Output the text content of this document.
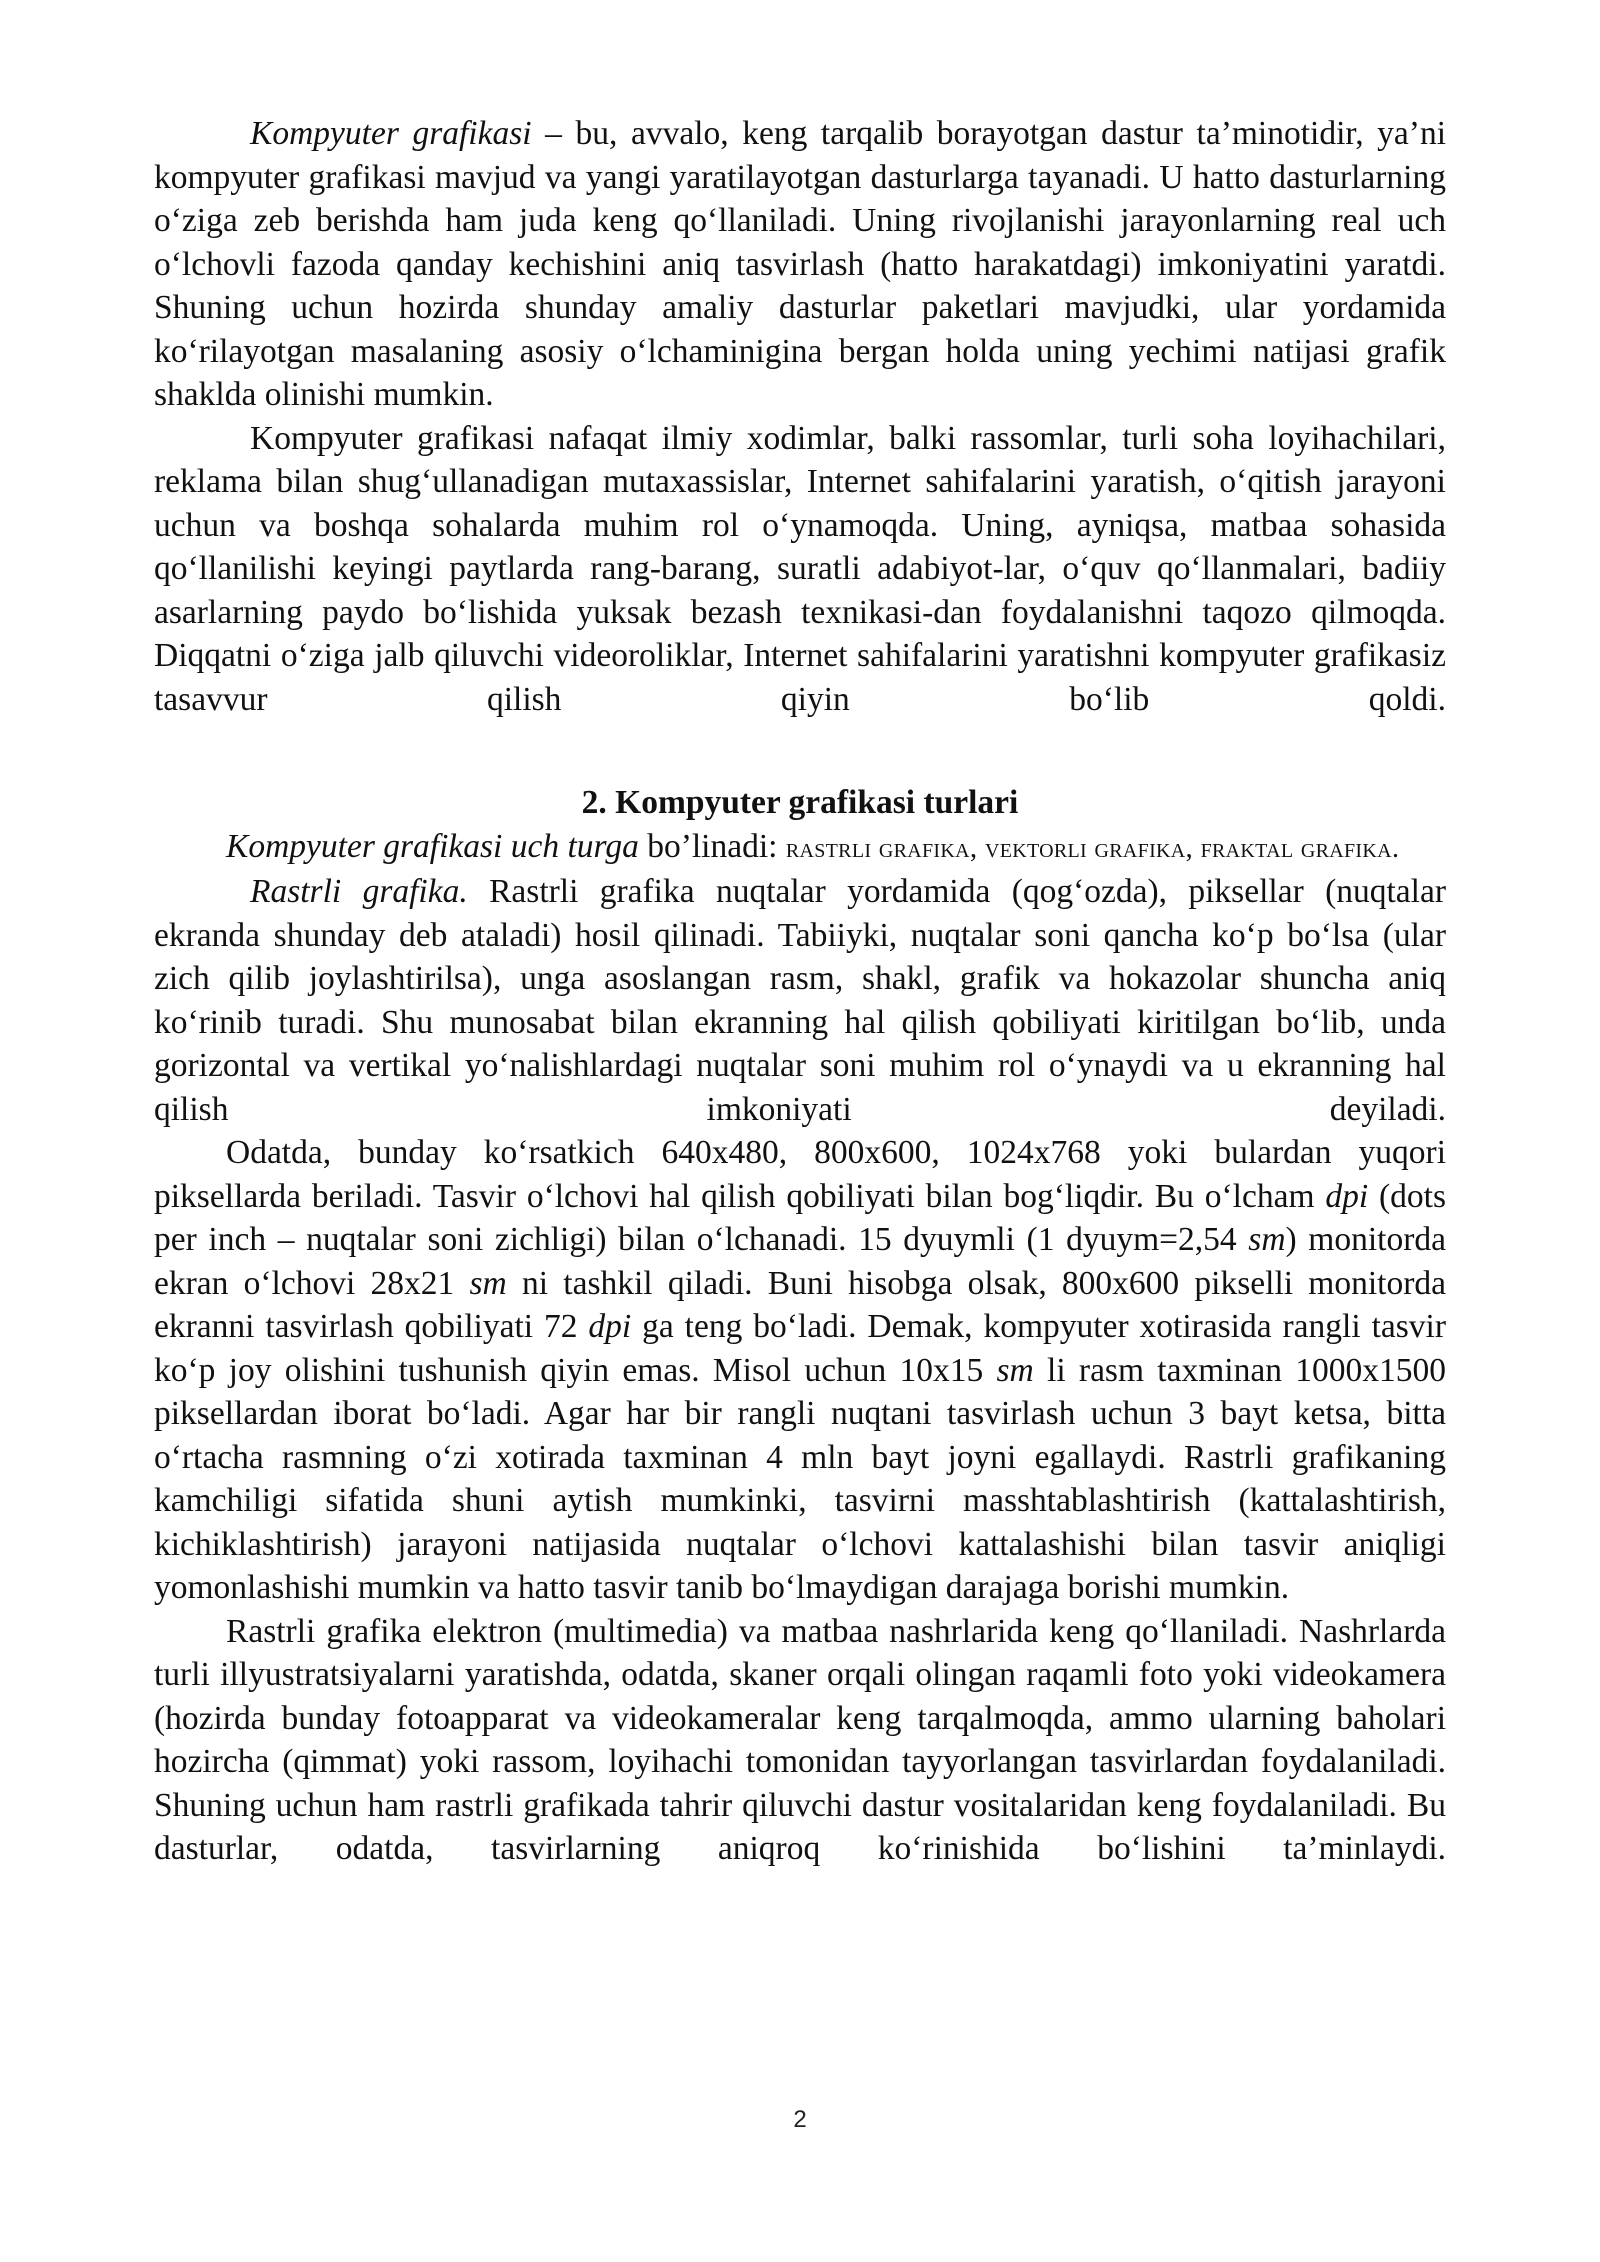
Kompyuter grafikasi – bu, avvalo, keng tarqalib borayotgan dastur ta’minotidir, ya’ni kompyuter grafikasi mavjud va yangi yaratilayotgan dasturlarga tayanadi. U hatto dasturlarning o‘ziga zeb berishda ham juda keng qo‘llaniladi. Uning rivojlanishi jarayonlarning real uch o‘lchovli fazoda qanday kechishini aniq tasvirlash (hatto harakatdagi) imkoniyatini yaratdi. Shuning uchun hozirda shunday amaliy dasturlar paketlari mavjudki, ular yordamida ko‘rilayotgan masalaning asosiy o‘lchaminigina bergan holda uning yechimi natijasi grafik shaklda olinishi mumkin.

Kompyuter grafikasi nafaqat ilmiy xodimlar, balki rassomlar, turli soha loyihachilari, reklama bilan shug‘ullanadigan mutaxassislar, Internet sahifalarini yaratish, o‘qitish jarayoni uchun va boshqa sohalarda muhim rol o‘ynamoqda. Uning, ayniqsa, matbaa sohasida qo‘llanilishi keyingi paytlarda rang-barang, suratli adabiyot-lar, o‘quv qo‘llanmalari, badiiy asarlarning paydo bo‘lishida yuksak bezash texnikasi-dan foydalanishni taqozo qilmoqda. Diqqatni o‘ziga jalb qiluvchi videoroliklar, Internet sahifalarini yaratishni kompyuter grafikasiz tasavvur qilish qiyin bo‘lib qoldi.

2. Kompyuter grafikasi turlari

Kompyuter grafikasi uch turga bo’linadi: rastrli grafika, vektorli grafika, fraktal grafika.

Rastrli grafika. Rastrli grafika nuqtalar yordamida (qog‘ozda), piksellar (nuqtalar ekranda shunday deb ataladi) hosil qilinadi. Tabiiyki, nuqtalar soni qancha ko‘p bo‘lsa (ular zich qilib joylashtirilsa), unga asoslangan rasm, shakl, grafik va hokazolar shuncha aniq ko‘rinib turadi. Shu munosabat bilan ekranning hal qilish qobiliyati kiritilgan bo‘lib, unda gorizontal va vertikal yo‘nalishlardagi nuqtalar soni muhim rol o‘ynaydi va u ekranning hal qilish imkoniyati deyiladi.

Odatda, bunday ko‘rsatkich 640x480, 800x600, 1024x768 yoki bulardan yuqori piksellarda beriladi. Tasvir o‘lchovi hal qilish qobiliyati bilan bog‘liqdir. Bu o‘lcham dpi (dots per inch – nuqtalar soni zichligi) bilan o‘lchanadi. 15 dyuymli (1 dyuym=2,54 sm) monitorda ekran o‘lchovi 28x21 sm ni tashkil qiladi. Buni hisobga olsak, 800x600 pikselli monitorda ekranni tasvirlash qobiliyati 72 dpi ga teng bo‘ladi. Demak, kompyuter xotirasida rangli tasvir ko‘p joy olishini tushunish qiyin emas. Misol uchun 10x15 sm li rasm taxminan 1000x1500 piksellardan iborat bo‘ladi. Agar har bir rangli nuqtani tasvirlash uchun 3 bayt ketsa, bitta o‘rtacha rasmning o‘zi xotirada taxminan 4 mln bayt joyni egallaydi. Rastrli grafikaning kamchiligi sifatida shuni aytish mumkinki, tasvirni masshtablashtirish (kattalashtirish, kichiklashtirish) jarayoni natijasida nuqtalar o‘lchovi kattalashishi bilan tasvir aniqligi yomonlashishi mumkin va hatto tasvir tanib bo‘lmaydigan darajaga borishi mumkin.

Rastrli grafika elektron (multimedia) va matbaa nashrlarida keng qo‘llaniladi. Nashrlarda turli illyustratsiyalarni yaratishda, odatda, skaner orqali olingan raqamli foto yoki videokamera (hozirda bunday fotoapparat va videokameralar keng tarqalmoqda, ammo ularning baholari hozircha (qimmat) yoki rassom, loyihachi tomonidan tayyorlangan tasvirlardan foydalaniladi. Shuning uchun ham rastrli grafikada tahrir qiluvchi dastur vositalaridan keng foydalaniladi. Bu dasturlar, odatda, tasvirlarning aniqroq ko‘rinishida bo‘lishini ta’minlaydi.

2
